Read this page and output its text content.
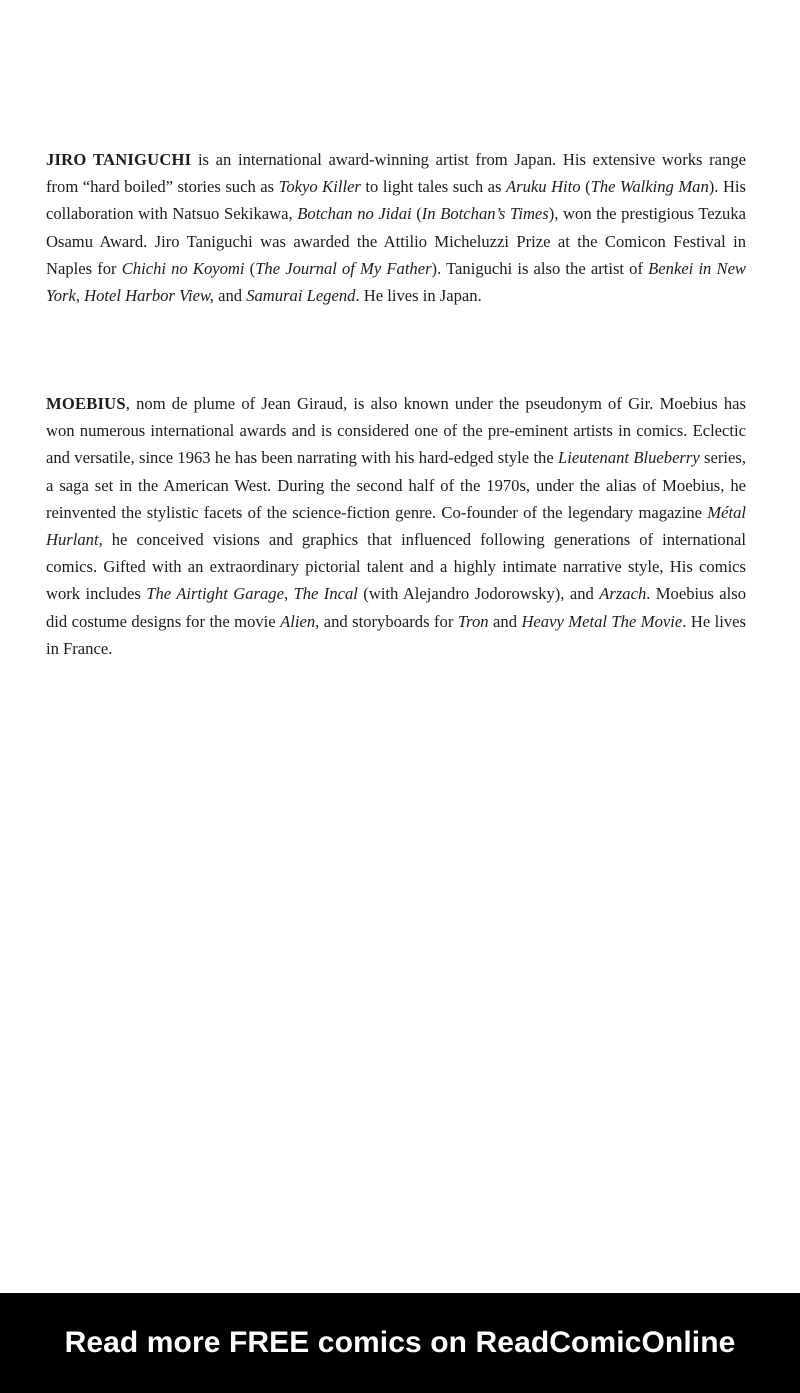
JIRO TANIGUCHI is an international award-winning artist from Japan. His extensive works range from “hard boiled” stories such as Tokyo Killer to light tales such as Aruku Hito (The Walking Man). His collaboration with Natsuo Sekikawa, Botchan no Jidai (In Botchan’s Times), won the prestigious Tezuka Osamu Award. Jiro Taniguchi was awarded the Attilio Micheluzzi Prize at the Comicon Festival in Naples for Chichi no Koyomi (The Journal of My Father). Taniguchi is also the artist of Benkei in New York, Hotel Harbor View, and Samurai Legend. He lives in Japan.

MOEBIUS, nom de plume of Jean Giraud, is also known under the pseudonym of Gir. Moebius has won numerous international awards and is considered one of the pre-eminent artists in comics. Eclectic and versatile, since 1963 he has been narrating with his hard-edged style the Lieutenant Blueberry series, a saga set in the American West. During the second half of the 1970s, under the alias of Moebius, he reinvented the stylistic facets of the science-fiction genre. Co-founder of the legendary magazine Métal Hurlant, he conceived visions and graphics that influenced following generations of international comics. Gifted with an extraordinary pictorial talent and a highly intimate narrative style, His comics work includes The Airtight Garage, The Incal (with Alejandro Jodorowsky), and Arzach. Moebius also did costume designs for the movie Alien, and storyboards for Tron and Heavy Metal The Movie. He lives in France.

Read more FREE comics on ReadComicOnline
